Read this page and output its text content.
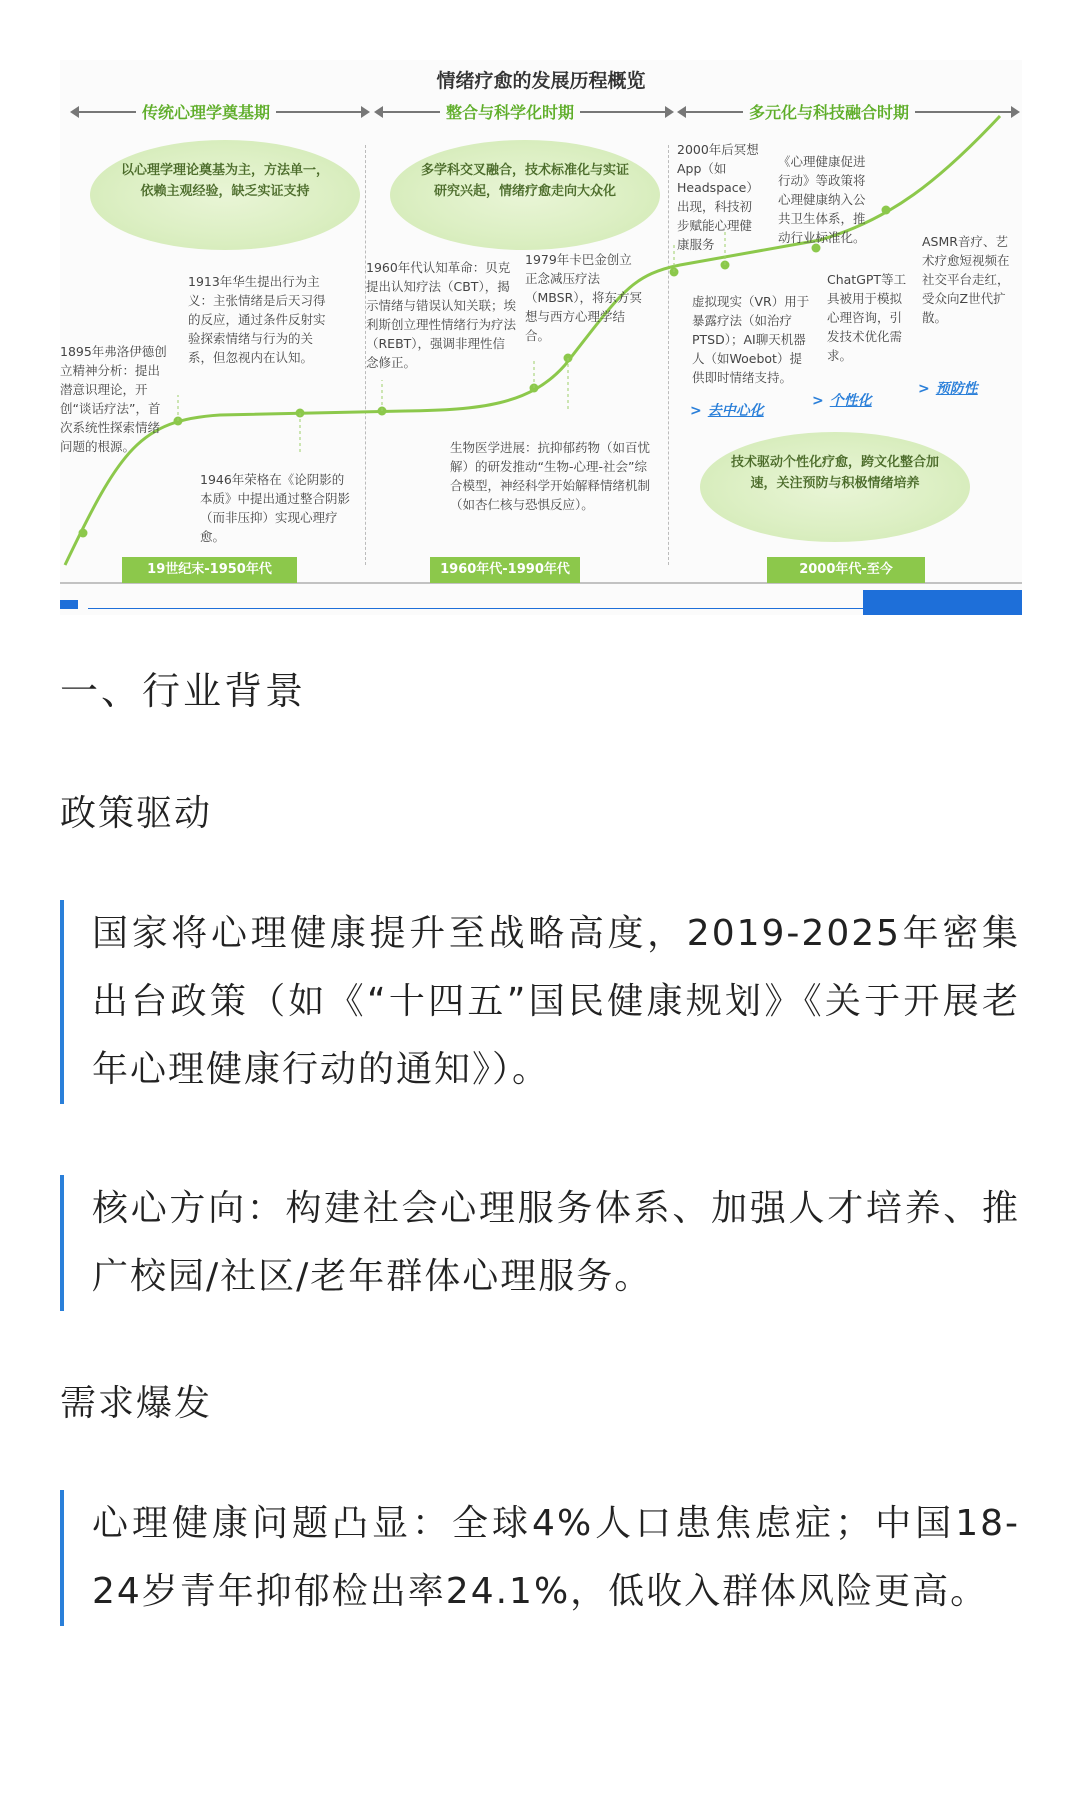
情绪疗愈的发展历程概览
传统心理学奠基期	整合与科学化时期	多元化与科技融合时期
以心理学理论奠基为主，方法单一，依赖主观经验，缺乏实证支持
多学科交叉融合，技术标准化与实证研究兴起，情绪疗愈走向大众化
技术驱动个性化疗愈，跨文化整合加速，关注预防与积极情绪培养
1895年弗洛伊德创立精神分析：提出潜意识理论，开创“谈话疗法”，首次系统性探索情绪问题的根源。
1913年华生提出行为主义：主张情绪是后天习得的反应，通过条件反射实验探索情绪与行为的关系，但忽视内在认知。
1946年荣格在《论阴影的本质》中提出通过整合阴影（而非压抑）实现心理疗愈。
1960年代认知革命：贝克提出认知疗法（CBT），揭示情绪与错误认知关联；埃利斯创立理性情绪行为疗法（REBT），强调非理性信念修正。
1979年卡巴金创立正念减压疗法（MBSR），将东方冥想与西方心理学结合。
生物医学进展：抗抑郁药物（如百忧解）的研发推动“生物-心理-社会”综合模型，神经科学开始解释情绪机制（如杏仁核与恐惧反应）。
2000年后冥想App（如Headspace）出现，科技初步赋能心理健康服务
《心理健康促进行动》等政策将心理健康纳入公共卫生体系，推动行业标准化。
虚拟现实（VR）用于暴露疗法（如治疗PTSD）；AI聊天机器人（如Woebot）提供即时情绪支持。
ChatGPT等工具被用于模拟心理咨询，引发技术优化需求。
ASMR音疗、艺术疗愈短视频在社交平台走红，受众向Z世代扩散。
> 去中心化
> 个性化
> 预防性
19世纪末-1950年代	1960年代-1990年代	2000年代-至今
一、行业背景
政策驱动
国家将心理健康提升至战略高度，2019-2025年密集出台政策（如《“十四五”国民健康规划》《关于开展老年心理健康行动的通知》）。
核心方向：构建社会心理服务体系、加强人才培养、推广校园/社区/老年群体心理服务。
需求爆发
心理健康问题凸显：全球4%人口患焦虑症；中国18-24岁青年抑郁检出率24.1%，低收入群体风险更高。
